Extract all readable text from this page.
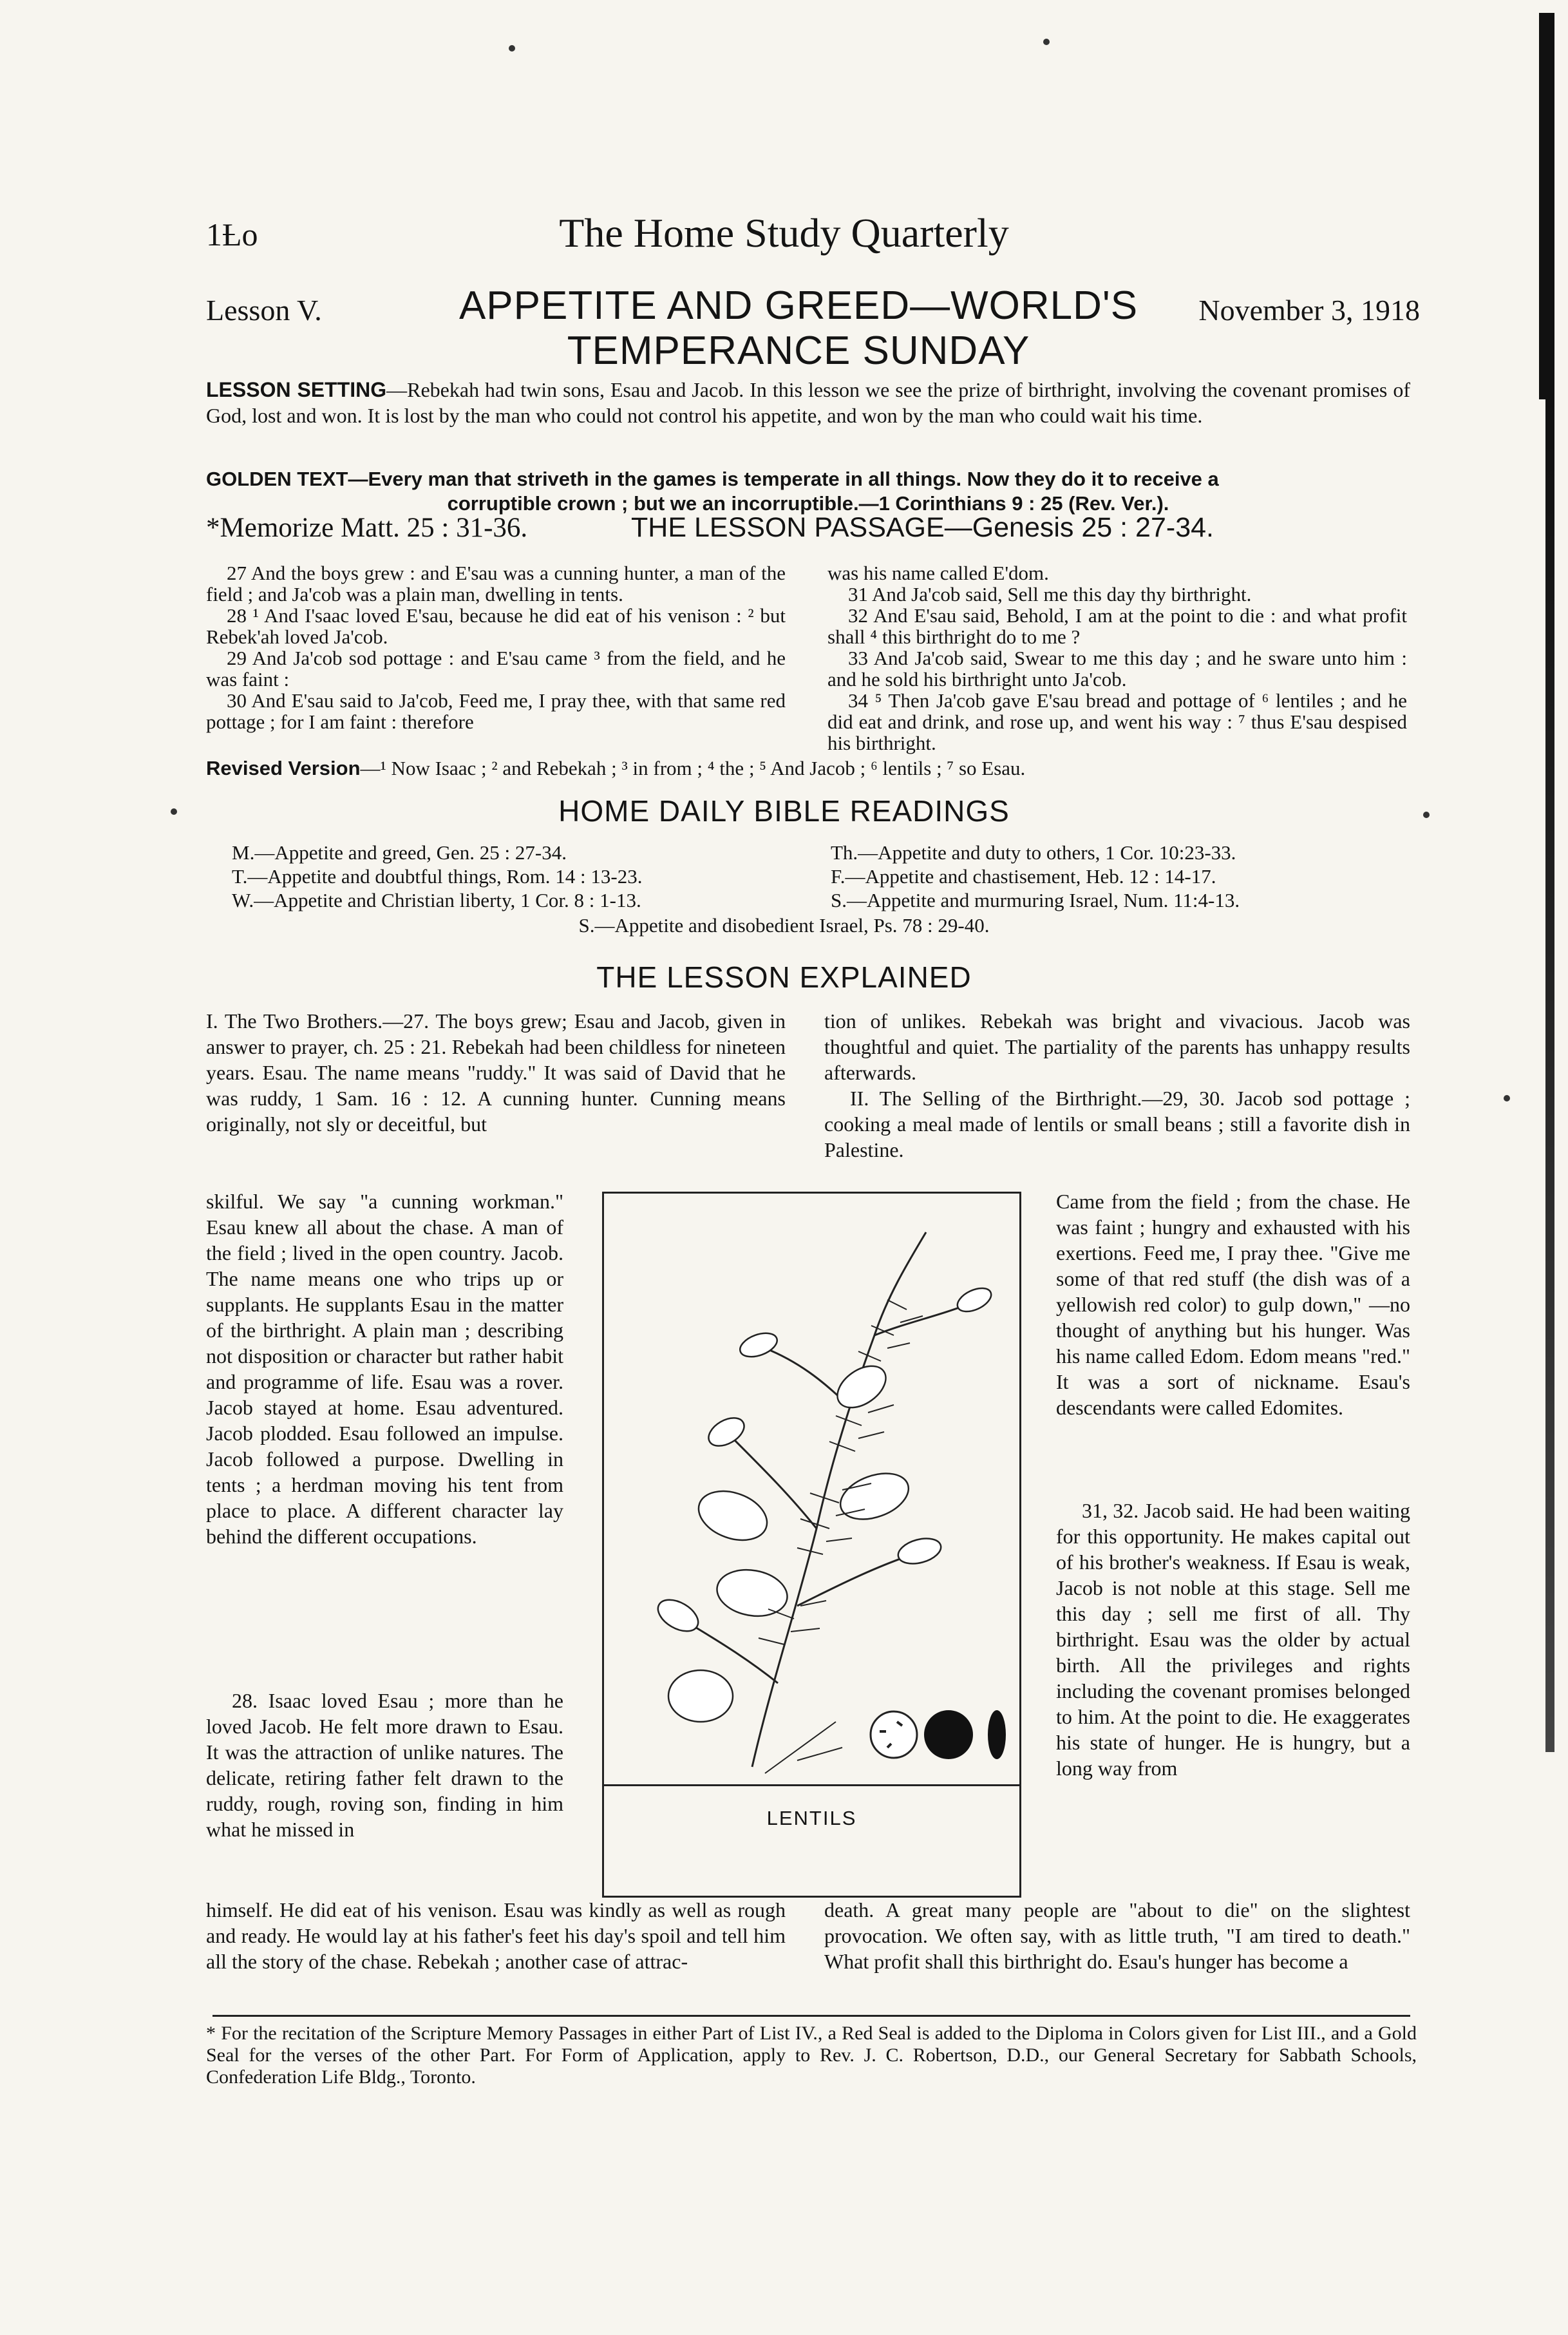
1Ƚo	The Home Study Quarterly
Lesson V.	APPETITE AND GREED—WORLD'S TEMPERANCE SUNDAY
November 3, 1918
LESSON SETTING—Rebekah had twin sons, Esau and Jacob. In this lesson we see the prize of birthright, involving the covenant promises of God, lost and won. It is lost by the man who could not control his appetite, and won by the man who could wait his time.
GOLDEN TEXT—Every man that striveth in the games is temperate in all things. Now they do it to receive a
corruptible crown ; but we an incorruptible.—1 Corinthians 9 : 25 (Rev. Ver.).
*Memorize Matt. 25 : 31-36.	THE LESSON PASSAGE—Genesis 25 : 27-34.

27 And the boys grew : and E'sau was a cunning hunter, a man of the field ; and Ja'cob was a plain man, dwelling in tents.

28 ¹ And I'saac loved E'sau, because he did eat of his venison : ² but Rebek'ah loved Ja'cob.

29 And Ja'cob sod pottage : and E'sau came ³ from the field, and he was faint :

30 And E'sau said to Ja'cob, Feed me, I pray thee, with that same red pottage ; for I am faint : therefore

was his name called E'dom.

31 And Ja'cob said, Sell me this day thy birthright.

32 And E'sau said, Behold, I am at the point to die : and what profit shall ⁴ this birthright do to me ?

33 And Ja'cob said, Swear to me this day ; and he sware unto him : and he sold his birthright unto Ja'cob.

34 ⁵ Then Ja'cob gave E'sau bread and pottage of ⁶ lentiles ; and he did eat and drink, and rose up, and went his way : ⁷ thus E'sau despised his birthright.

Revised Version—¹ Now Isaac ; ² and Rebekah ; ³ in from ; ⁴ the ; ⁵ And Jacob ; ⁶ lentils ; ⁷ so Esau.
HOME DAILY BIBLE READINGS
M.—Appetite and greed, Gen. 25 : 27-34.
T.—Appetite and doubtful things, Rom. 14 : 13-23.
W.—Appetite and Christian liberty, 1 Cor. 8 : 1-13.
Th.—Appetite and duty to others, 1 Cor. 10:23-33.
F.—Appetite and chastisement, Heb. 12 : 14-17.
S.—Appetite and murmuring Israel, Num. 11:4-13.
S.—Appetite and disobedient Israel, Ps. 78 : 29-40.
THE LESSON EXPLAINED
I. The Two Brothers.—27. The boys grew; Esau and Jacob, given in answer to prayer, ch. 25 : 21. Rebekah had been childless for nineteen years. Esau. The name means "ruddy." It was said of David that he was ruddy, 1 Sam. 16 : 12. A cunning hunter. Cunning means originally, not sly or deceitful, but
skilful. We say "a cunning workman." Esau knew all about the chase. A man of the field ; lived in the open country. Jacob. The name means one who trips up or supplants. He supplants Esau in the matter of the birthright. A plain man ; describing not disposition or character but rather habit and programme of life. Esau was a rover. Jacob stayed at home. Esau adventured. Jacob plodded. Esau followed an impulse. Jacob followed a purpose. Dwelling in tents ; a herdman moving his tent from place to place. A different character lay behind the different occupations.
28. Isaac loved Esau ; more than he loved Jacob. He felt more drawn to Esau. It was the attraction of unlike natures. The delicate, retiring father felt drawn to the ruddy, rough, roving son, finding in him what he missed in
tion of unlikes. Rebekah was bright and vivacious. Jacob was thoughtful and quiet. The partiality of the parents has unhappy results afterwards.
II. The Selling of the Birthright.—29, 30. Jacob sod pottage ; cooking a meal made of lentils or small beans ; still a favorite dish in Palestine.
Came from the field ; from the chase. He was faint ; hungry and exhausted with his exertions. Feed me, I pray thee. "Give me some of that red stuff (the dish was of a yellowish red color) to gulp down," —no thought of anything but his hunger. Was his name called Edom. Edom means "red." It was a sort of nickname. Esau's descendants were called Edomites.
31, 32. Jacob said. He had been waiting for this opportunity. He makes capital out of his brother's weakness. If Esau is weak, Jacob is not noble at this stage. Sell me this day ; sell me first of all. Thy birthright. Esau was the older by actual birth. All the privileges and rights including the covenant promises belonged to him. At the point to die. He exaggerates his state of hunger. He is hungry, but a long way from
LENTILS
himself. He did eat of his venison. Esau was kindly as well as rough and ready. He would lay at his father's feet his day's spoil and tell him all the story of the chase. Rebekah ; another case of attrac-
death. A great many people are "about to die" on the slightest provocation. We often say, with as little truth, "I am tired to death." What profit shall this birthright do. Esau's hunger has become a
* For the recitation of the Scripture Memory Passages in either Part of List IV., a Red Seal is added to the Diploma in Colors given for List III., and a Gold Seal for the verses of the other Part. For Form of Application, apply to Rev. J. C. Robertson, D.D., our General Secretary for Sabbath Schools, Confederation Life Bldg., Toronto.
